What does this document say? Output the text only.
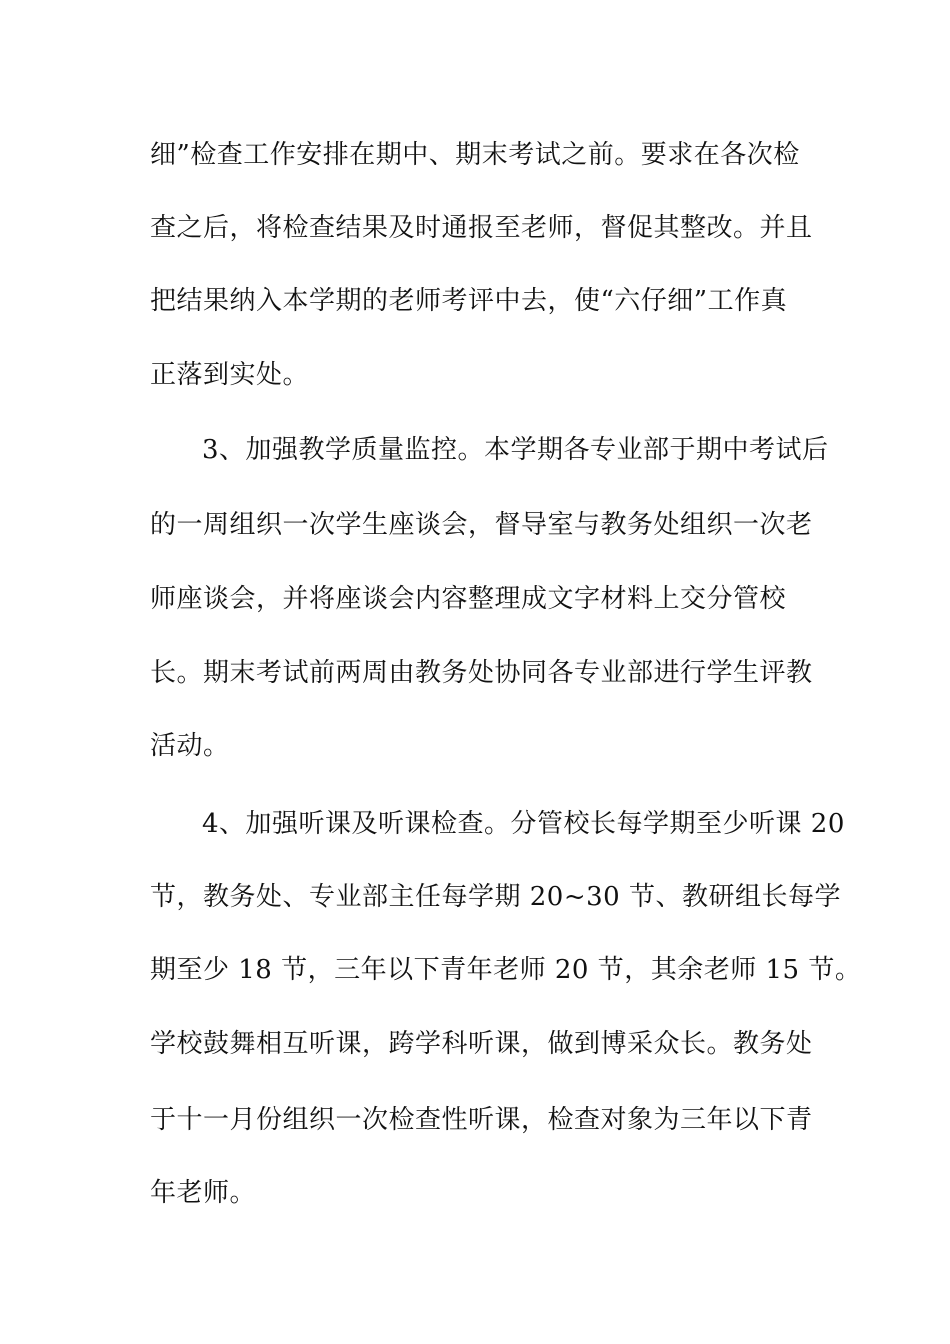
细”检查工作安排在期中、期末考试之前。要求在各次检
查之后，将检查结果及时通报至老师，督促其整改。并且
把结果纳入本学期的老师考评中去，使“六仔细”工作真
正落到实处。
3、加强教学质量监控。本学期各专业部于期中考试后
的一周组织一次学生座谈会，督导室与教务处组织一次老
师座谈会，并将座谈会内容整理成文字材料上交分管校
长。期末考试前两周由教务处协同各专业部进行学生评教
活动。
4、加强听课及听课检查。分管校长每学期至少听课 20
节，教务处、专业部主任每学期 20~30 节、教研组长每学
期至少 18 节，三年以下青年老师 20 节，其余老师 15 节。
学校鼓舞相互听课，跨学科听课，做到博采众长。教务处
于十一月份组织一次检查性听课，检查对象为三年以下青
年老师。
